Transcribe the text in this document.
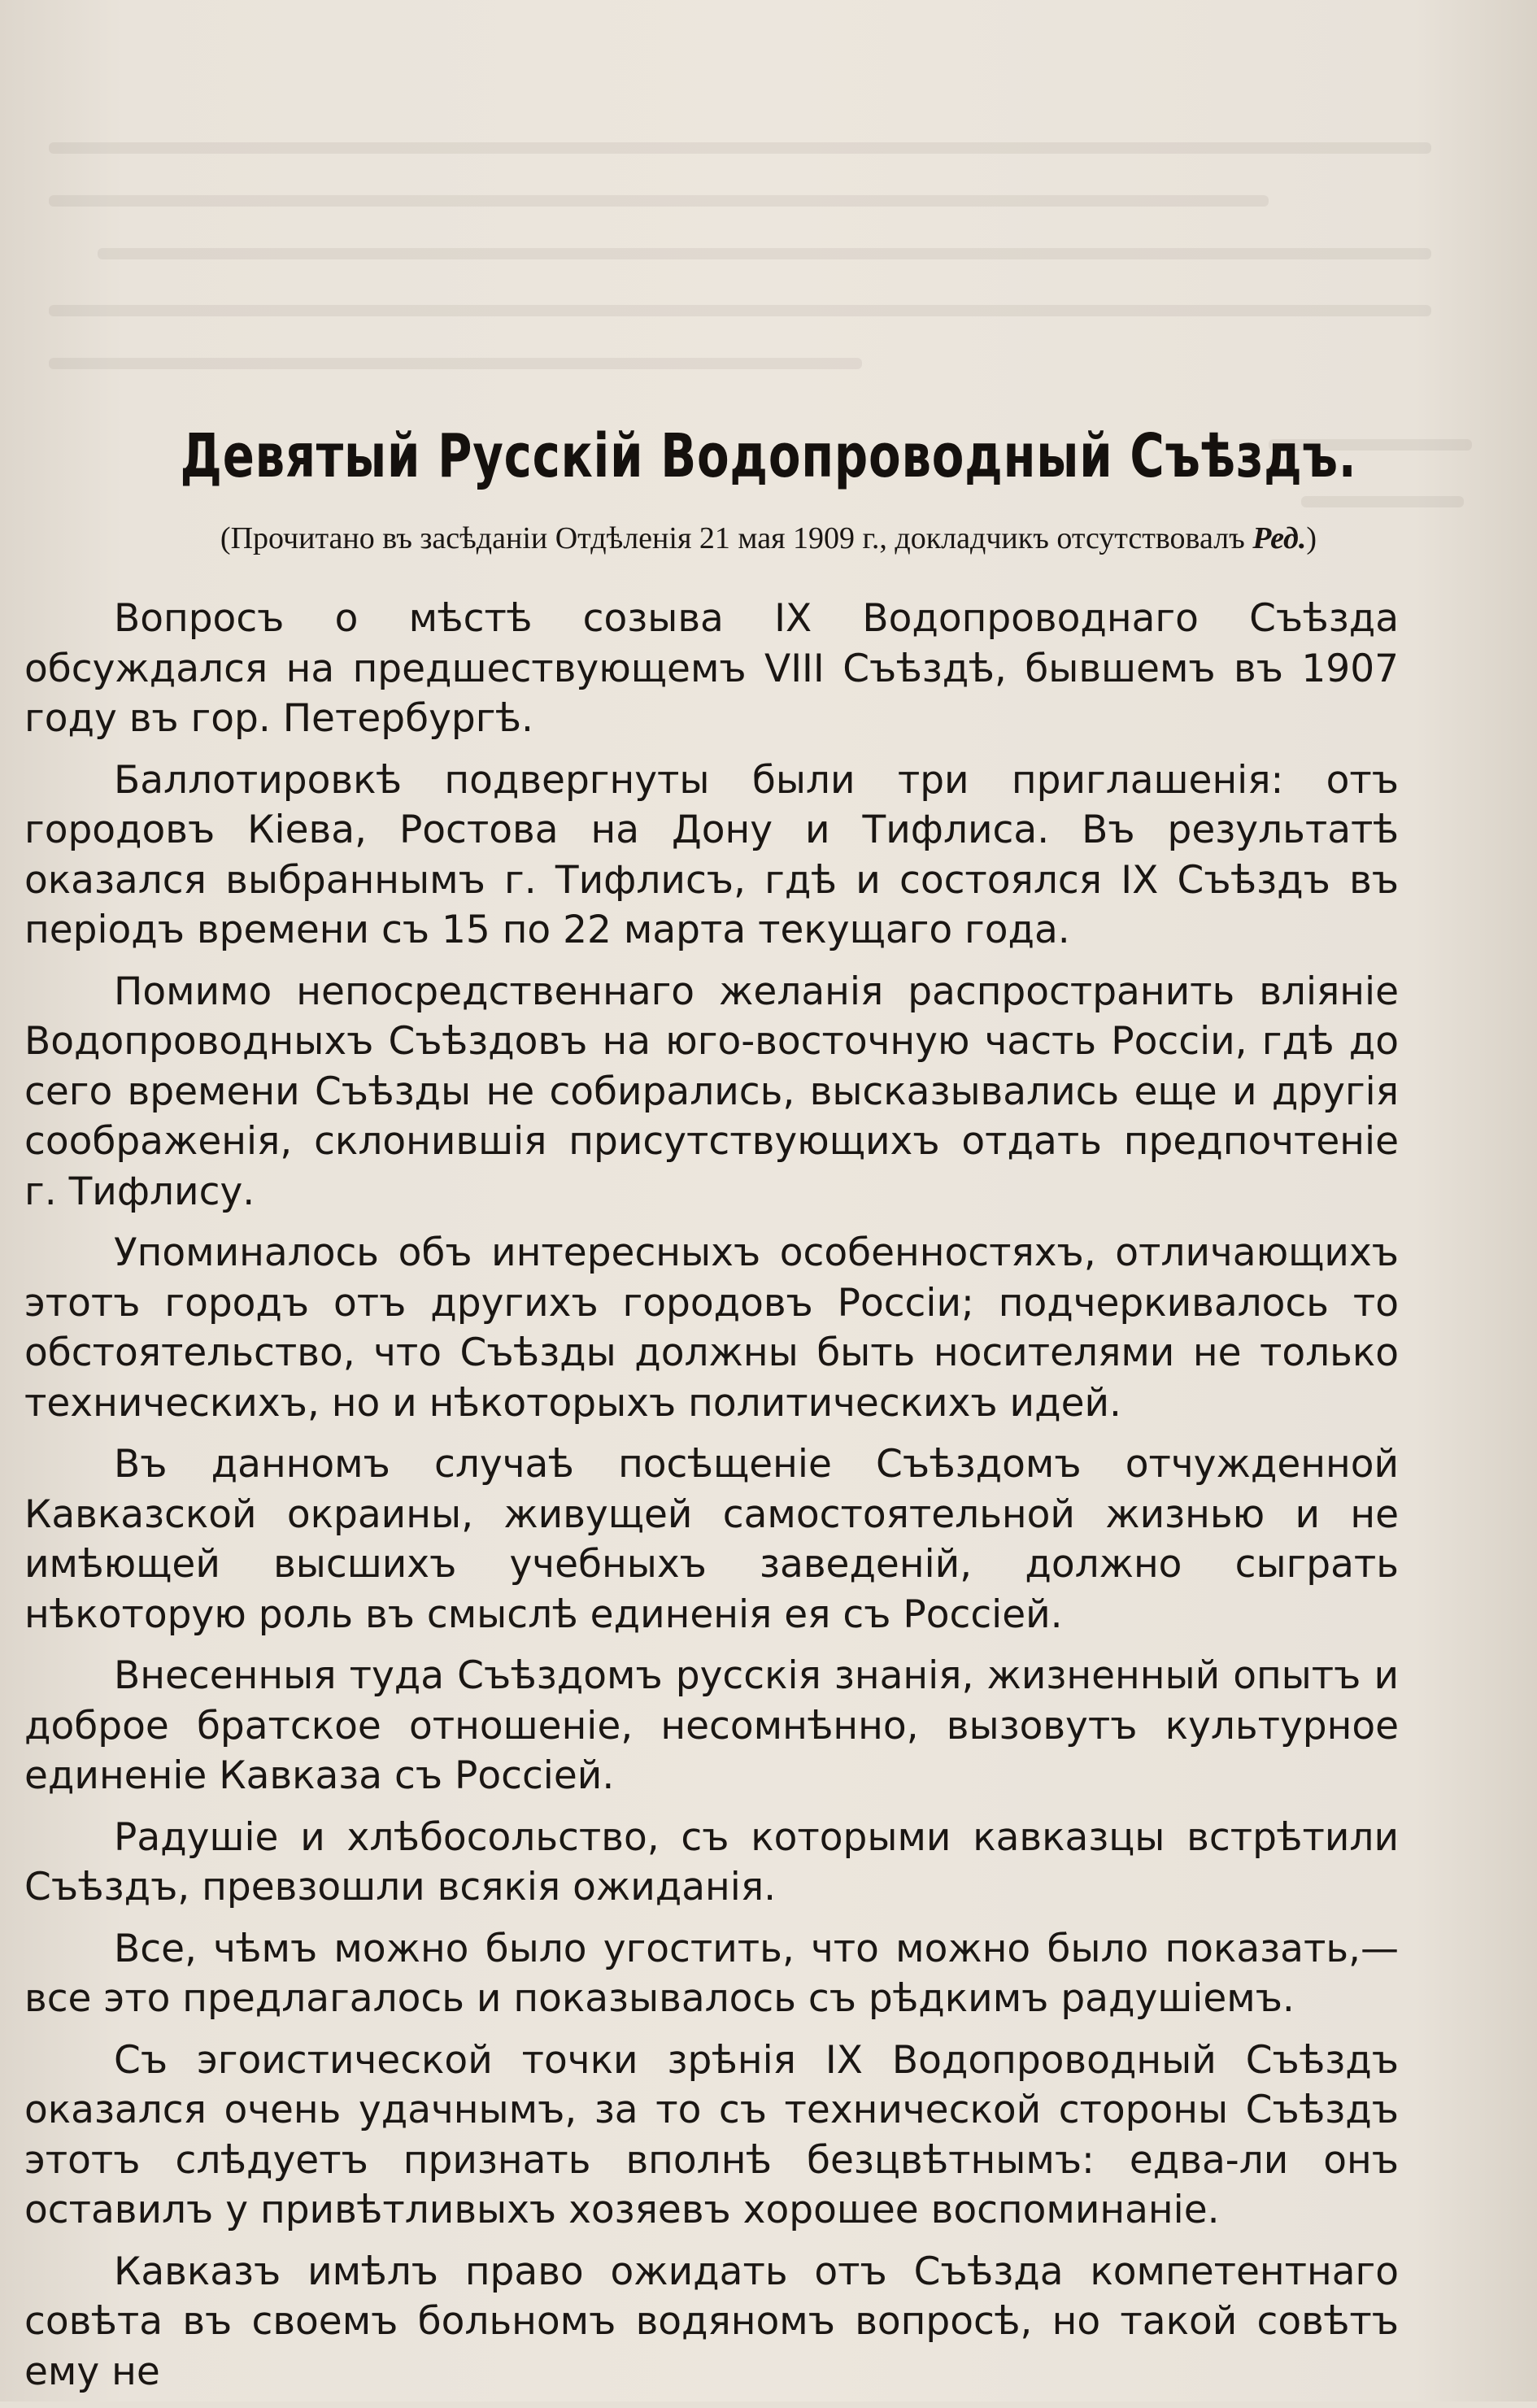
Девятый Русскій Водопроводный Съѣздъ.
(Прочитано въ засѣданіи Отдѣленія 21 мая 1909 г., докладчикъ отсутствовалъ Ред.)

Вопросъ о мѣстѣ созыва IX Водопроводнаго Съѣзда обсуждался на предшествующемъ VIII Съѣздѣ, бывшемъ въ 1907 году въ гор. Петербургѣ.

Баллотировкѣ подвергнуты были три приглашенія: отъ городовъ Кіева, Ростова на Дону и Тифлиса. Въ результатѣ оказался выбраннымъ г. Тифлисъ, гдѣ и состоялся IX Съѣздъ въ періодъ времени съ 15 по 22 марта текущаго года.

Помимо непосредственнаго желанія распространить вліяніе Водопроводныхъ Съѣздовъ на юго-восточную часть Россіи, гдѣ до сего времени Съѣзды не собирались, высказывались еще и другія соображенія, склонившія присутствующихъ отдать предпочтеніе г. Тифлису.

Упоминалось объ интересныхъ особенностяхъ, отличающихъ этотъ городъ отъ другихъ городовъ Россіи; подчеркивалось то обстоятельство, что Съѣзды должны быть носителями не только техническихъ, но и нѣкоторыхъ политическихъ идей.

Въ данномъ случаѣ посѣщеніе Съѣздомъ отчужденной Кавказской окраины, живущей самостоятельной жизнью и не имѣющей высшихъ учебныхъ заведеній, должно сыграть нѣкоторую роль въ смыслѣ единенія ея съ Россіей.

Внесенныя туда Съѣздомъ русскія знанія, жизненный опытъ и доброе братское отношеніе, несомнѣнно, вызовутъ культурное единеніе Кавказа съ Россіей.

Радушіе и хлѣбосольство, съ которыми кавказцы встрѣтили Съѣздъ, превзошли всякія ожиданія.

Все, чѣмъ можно было угостить, что можно было показать,— все это предлагалось и показывалось съ рѣдкимъ радушіемъ.

Съ эгоистической точки зрѣнія IX Водопроводный Съѣздъ оказался очень удачнымъ, за то съ технической стороны Съѣздъ этотъ слѣдуетъ признать вполнѣ безцвѣтнымъ: едва-ли онъ оставилъ у привѣтливыхъ хозяевъ хорошее воспоминаніе.

Кавказъ имѣлъ право ожидать отъ Съѣзда компетентнаго совѣта въ своемъ больномъ водяномъ вопросѣ, но такой совѣтъ ему не
